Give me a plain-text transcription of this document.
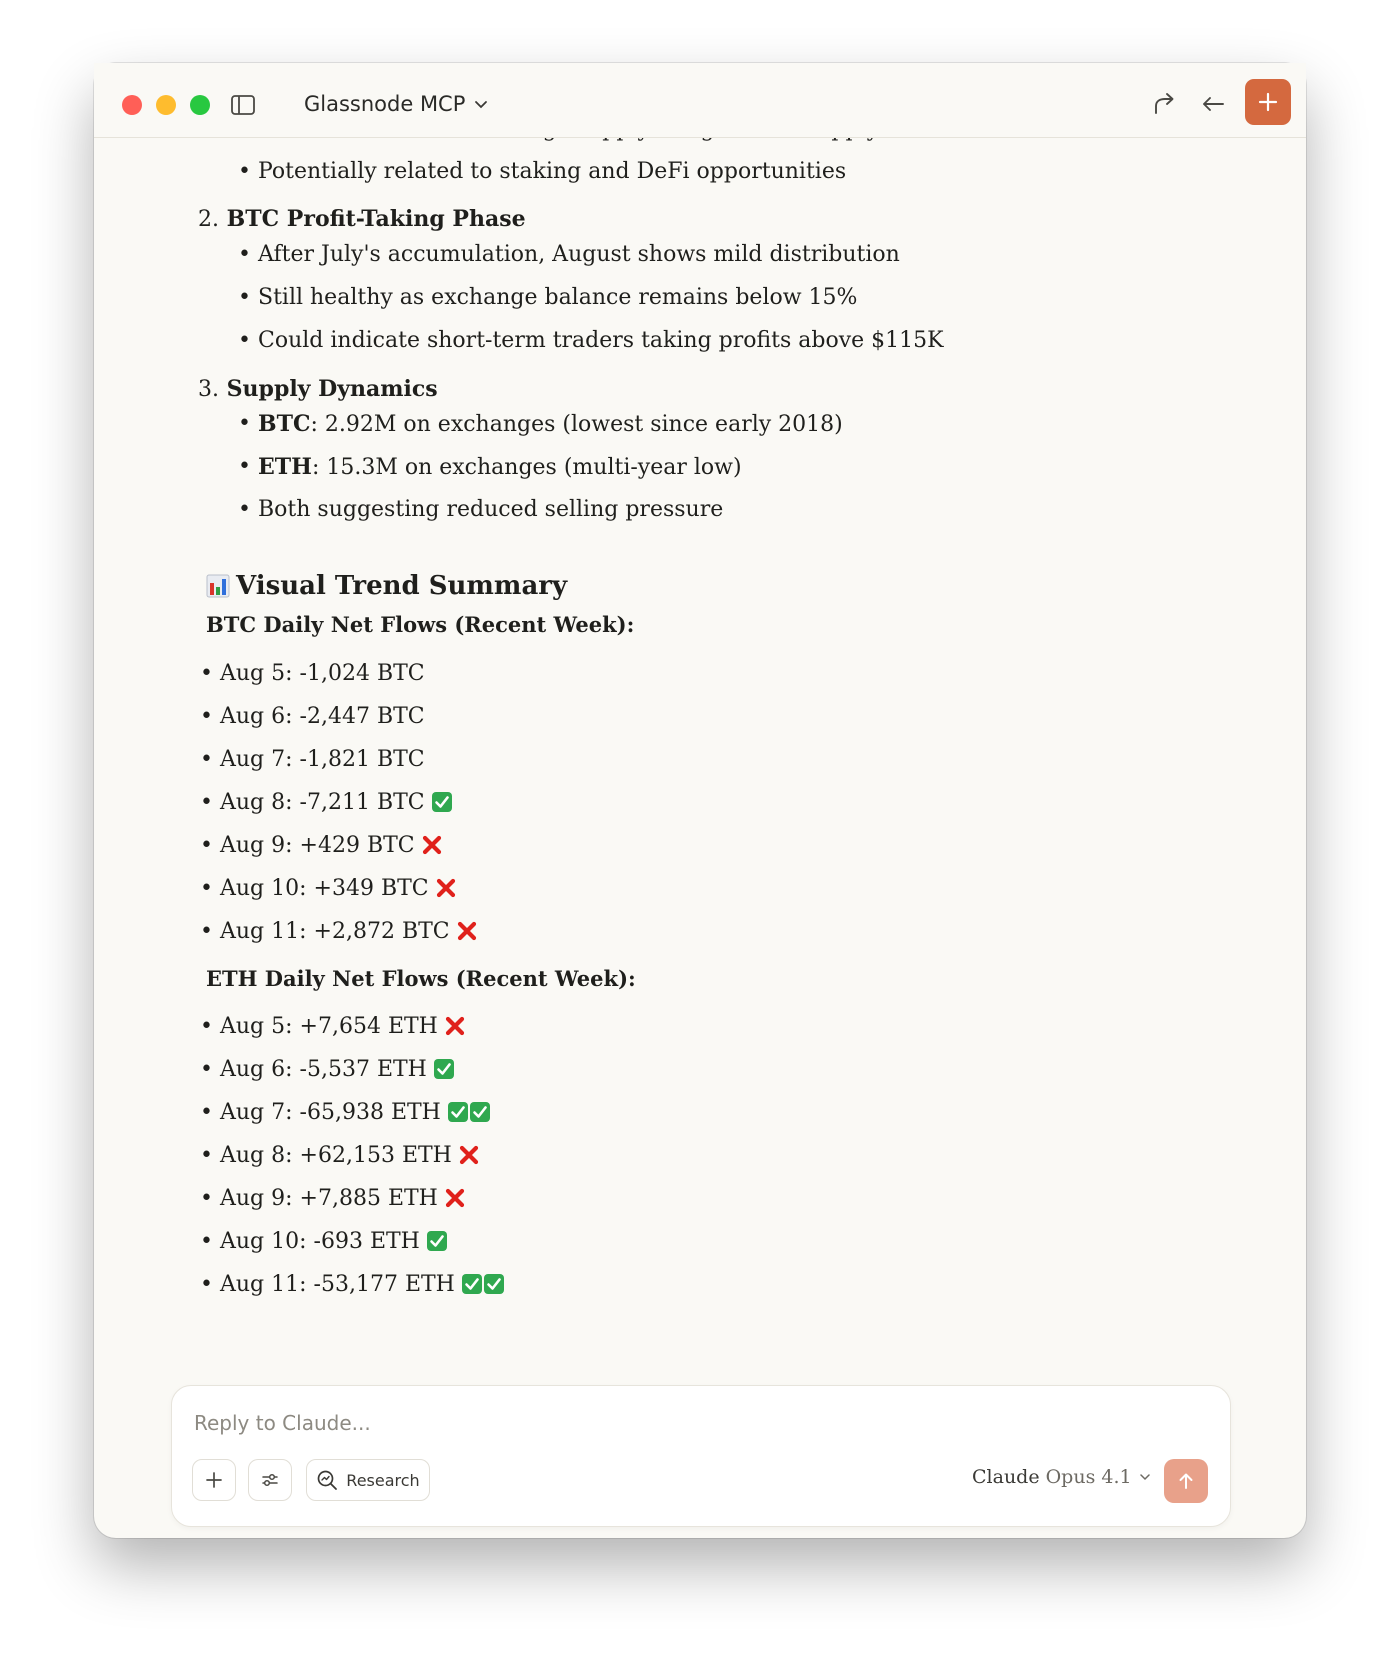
Glassnode MCP
• Potentially related to staking and DeFi opportunities
2. BTC Profit-Taking Phase
• After July's accumulation, August shows mild distribution
• Still healthy as exchange balance remains below 15%
• Could indicate short-term traders taking profits above $115K
3. Supply Dynamics
• BTC: 2.92M on exchanges (lowest since early 2018)
• ETH: 15.3M on exchanges (multi-year low)
• Both suggesting reduced selling pressure
Visual Trend Summary
BTC Daily Net Flows (Recent Week):
• Aug 5: -1,024 BTC
• Aug 6: -2,447 BTC
• Aug 7: -1,821 BTC
• Aug 8: -7,211 BTC
• Aug 9: +429 BTC
• Aug 10: +349 BTC
• Aug 11: +2,872 BTC
ETH Daily Net Flows (Recent Week):
• Aug 5: +7,654 ETH
• Aug 6: -5,537 ETH
• Aug 7: -65,938 ETH
• Aug 8: +62,153 ETH
• Aug 9: +7,885 ETH
• Aug 10: -693 ETH
• Aug 11: -53,177 ETH
Reply to Claude...
Research	Claude Opus 4.1
